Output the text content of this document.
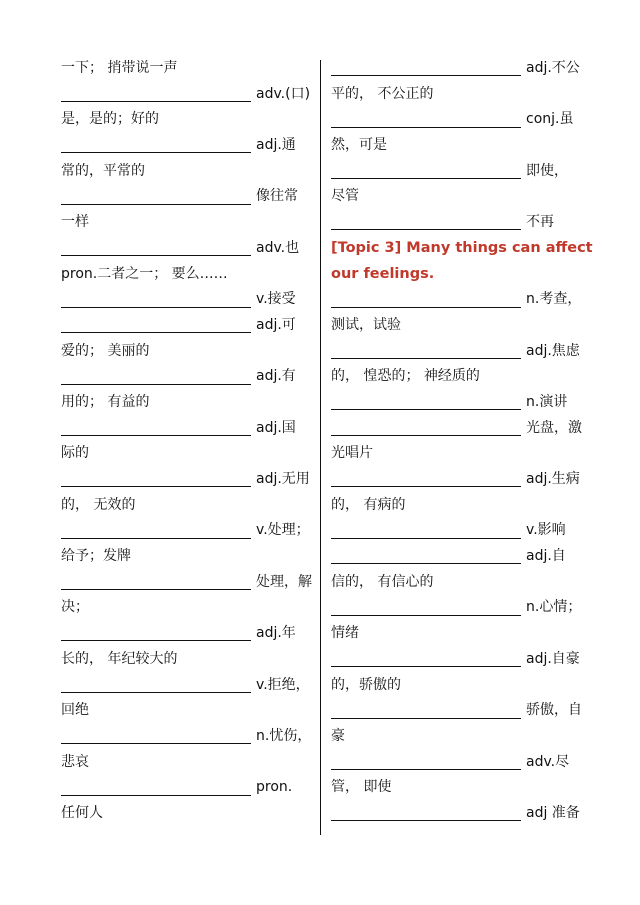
一下； 捎带说一声
adv.(口)
是，是的；好的
adj.通
常的，平常的
像往常
一样
adv.也
pron.二者之一； 要么……
v.接受
adj.可
爱的； 美丽的
adj.有
用的； 有益的
adj.国
际的
adj.无用
的， 无效的
v.处理；
给予；发牌
处理，解
决；
adj.年
长的， 年纪较大的
v.拒绝，
回绝
n.忧伤，
悲哀
pron.
任何人
adj.不公
平的， 不公正的
conj.虽
然，可是
即使，
尽管
不再
[Topic 3] Many things can affect
our feelings.
n.考查，
测试，试验
adj.焦虑
的， 惶恐的； 神经质的
n.演讲
光盘，激
光唱片
adj.生病
的， 有病的
v.影响
adj.自
信的， 有信心的
n.心情；
情绪
adj.自豪
的，骄傲的
骄傲，自
豪
adv.尽
管， 即使
adj 准备
